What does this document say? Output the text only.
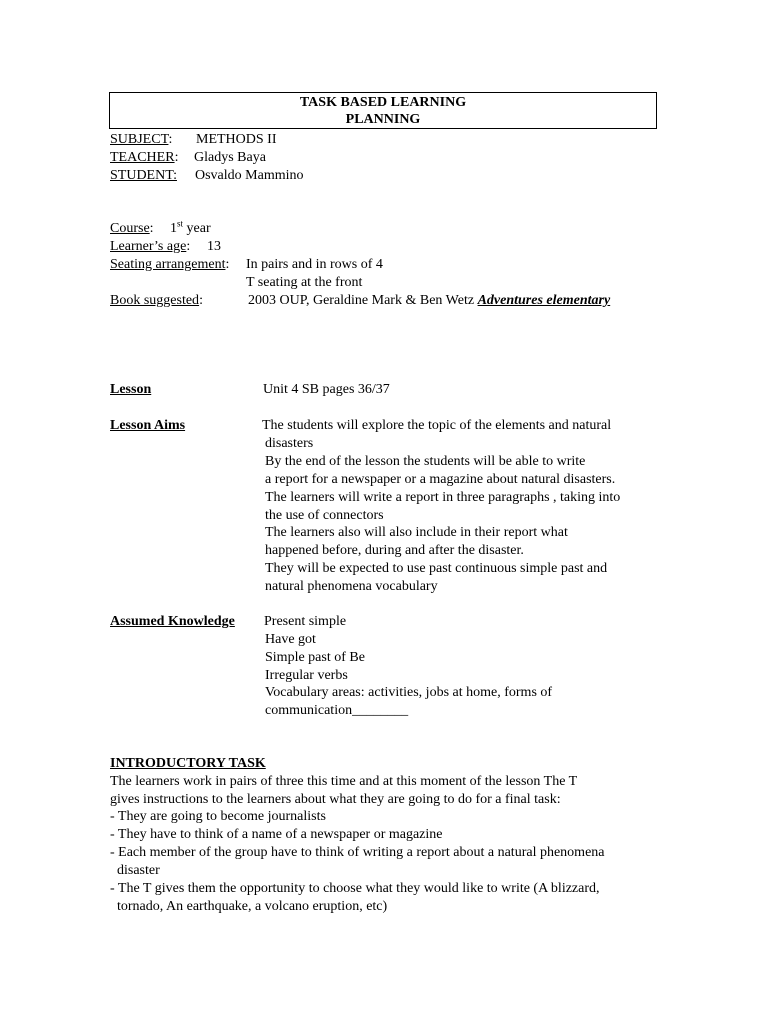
TASK BASED LEARNING
PLANNING
SUBJECT: METHODS II
TEACHER: Gladys Baya
STUDENT: Osvaldo Mammino
Course: 1st year
Learner’s age: 13
Seating arrangement: In pairs and in rows of 4
T seating at the front
Book suggested:	2003 OUP, Geraldine Mark & Ben Wetz Adventures elementary
Lesson	Unit 4 SB pages 36/37
Lesson Aims	The students will explore the topic of the elements and natural
disasters
By the end of the lesson the students will be able to write
a report for a newspaper or a magazine about natural disasters.
The learners will write a report in three paragraphs , taking into
the use of connectors
The learners also will also include in their report what
happened before, during and after the disaster.
They will be expected to use past continuous simple past and
natural phenomena vocabulary
Assumed Knowledge Present simple
Have got
Simple past of Be
Irregular verbs
Vocabulary areas: activities, jobs at home, forms of
communication________
INTRODUCTORY TASK
The learners work in pairs of three this time and at this moment of the lesson The T
gives instructions to the learners about what they are going to do for a final task:
- They are going to become journalists
- They have to think of a name of a newspaper or magazine
- Each member of the group have to think of writing a report about a natural phenomena
disaster
- The T gives them the opportunity to choose what they would like to write (A blizzard,
tornado, An earthquake, a volcano eruption, etc)
